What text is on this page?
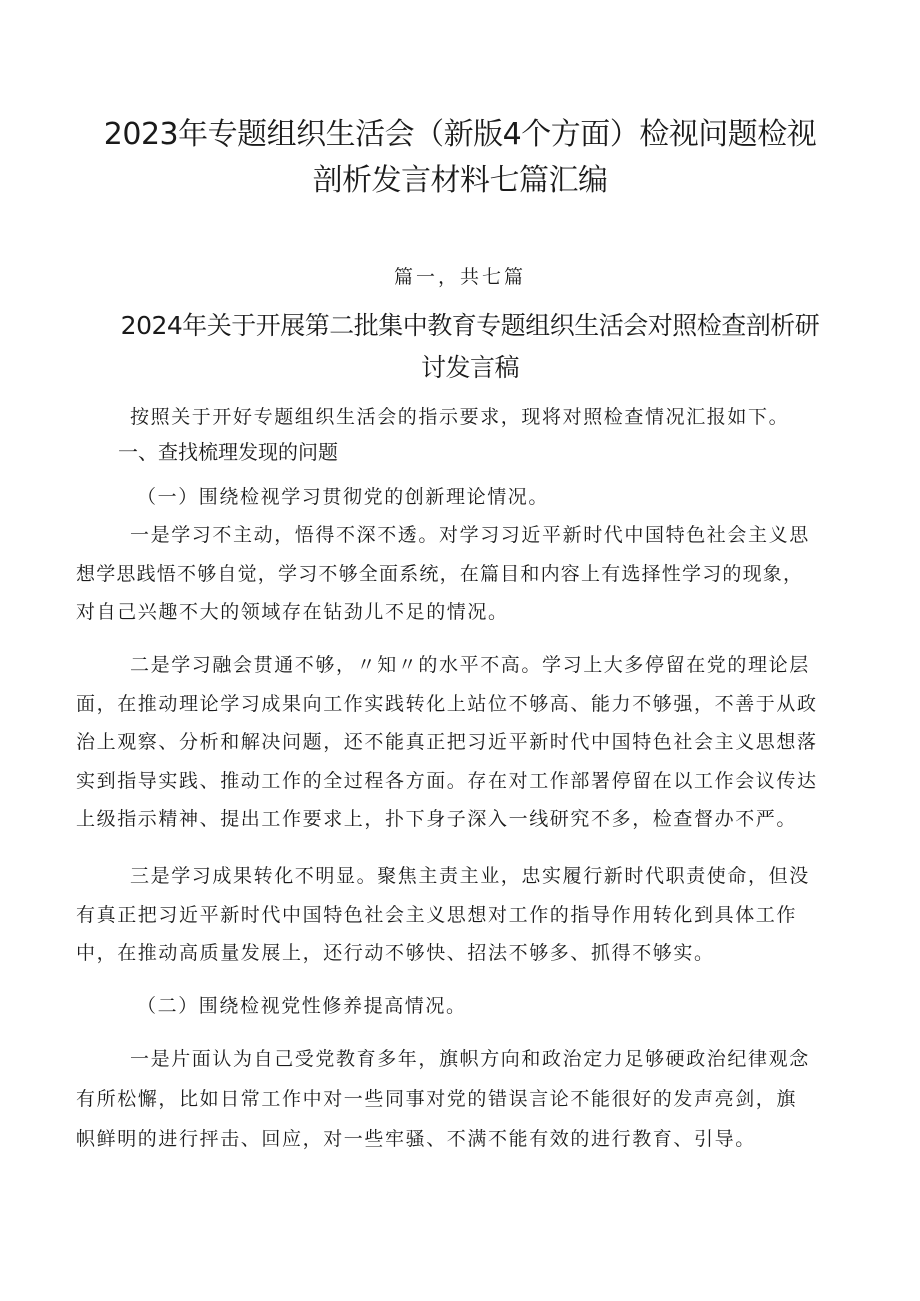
2023年专题组织生活会（新版4个方面）检视问题检视
剖析发言材料七篇汇编
篇一，共七篇
2024年关于开展第二批集中教育专题组织生活会对照检查剖析研
讨发言稿

按照关于开好专题组织生活会的指示要求，现将对照检查情况汇报如下。

一、查找梳理发现的问题

（一）围绕检视学习贯彻党的创新理论情况。

一是学习不主动，悟得不深不透。对学习习近平新时代中国特色社会主义思
想学思践悟不够自觉，学习不够全面系统，在篇目和内容上有选择性学习的现象，
对自己兴趣不大的领域存在钻劲儿不足的情况。

二是学习融会贯通不够，〃知〃的水平不高。学习上大多停留在党的理论层
面，在推动理论学习成果向工作实践转化上站位不够高、能力不够强，不善于从政
治上观察、分析和解决问题，还不能真正把习近平新时代中国特色社会主义思想落
实到指导实践、推动工作的全过程各方面。存在对工作部署停留在以工作会议传达
上级指示精神、提出工作要求上，扑下身子深入一线研究不多，检查督办不严。

三是学习成果转化不明显。聚焦主责主业，忠实履行新时代职责使命，但没
有真正把习近平新时代中国特色社会主义思想对工作的指导作用转化到具体工作
中，在推动高质量发展上，还行动不够快、招法不够多、抓得不够实。

（二）围绕检视党性修养提高情况。

一是片面认为自己受党教育多年，旗帜方向和政治定力足够硬政治纪律观念
有所松懈，比如日常工作中对一些同事对党的错误言论不能很好的发声亮剑，旗
帜鲜明的进行抨击、回应，对一些牢骚、不满不能有效的进行教育、引导。
